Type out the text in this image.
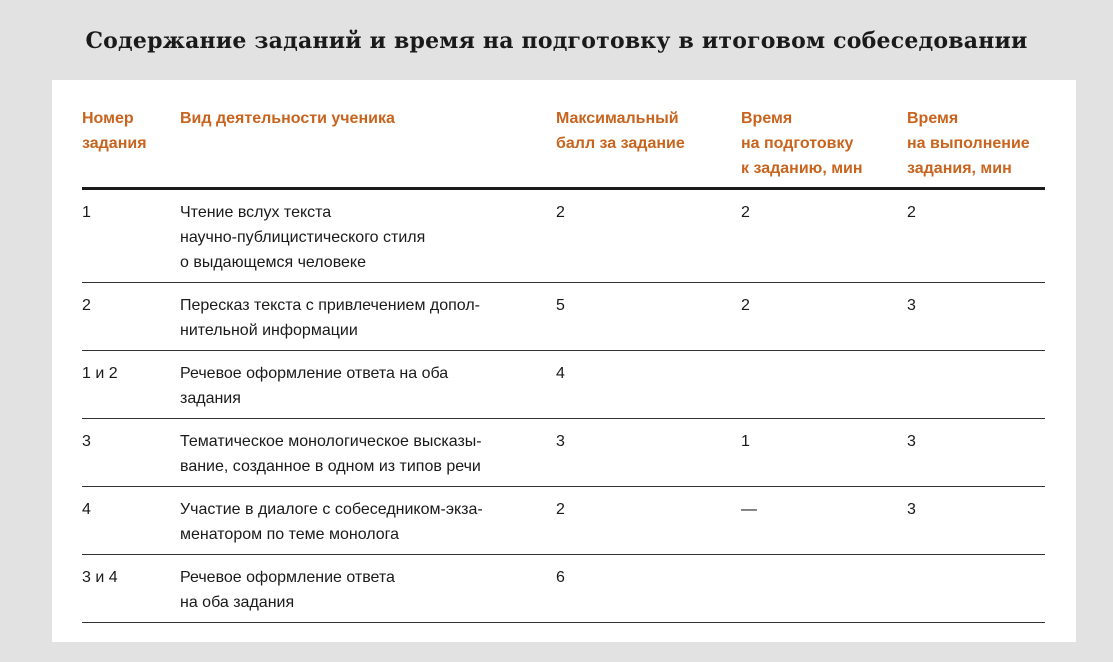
Содержание заданий и время на подготовку в итоговом собеседовании
Номер
задания	Вид деятельности ученика	Максимальный
балл за задание	Время
на подготовку
к заданию, мин	Время
на выполнение
задания, мин

1	Чтение вслух текста
научно-публицистического стиля
о выдающемся человеке	2	2	2
2	Пересказ текста с привлечением допол-
нительной информации	5	2	3
1 и 2	Речевое оформление ответа на оба
задания	4		
3	Тематическое монологическое высказы-
вание, созданное в одном из типов речи	3	1	3
4	Участие в диалоге с собеседником-экза-
менатором по теме монолога	2	—	3
3 и 4	Речевое оформление ответа
на оба задания	6		
